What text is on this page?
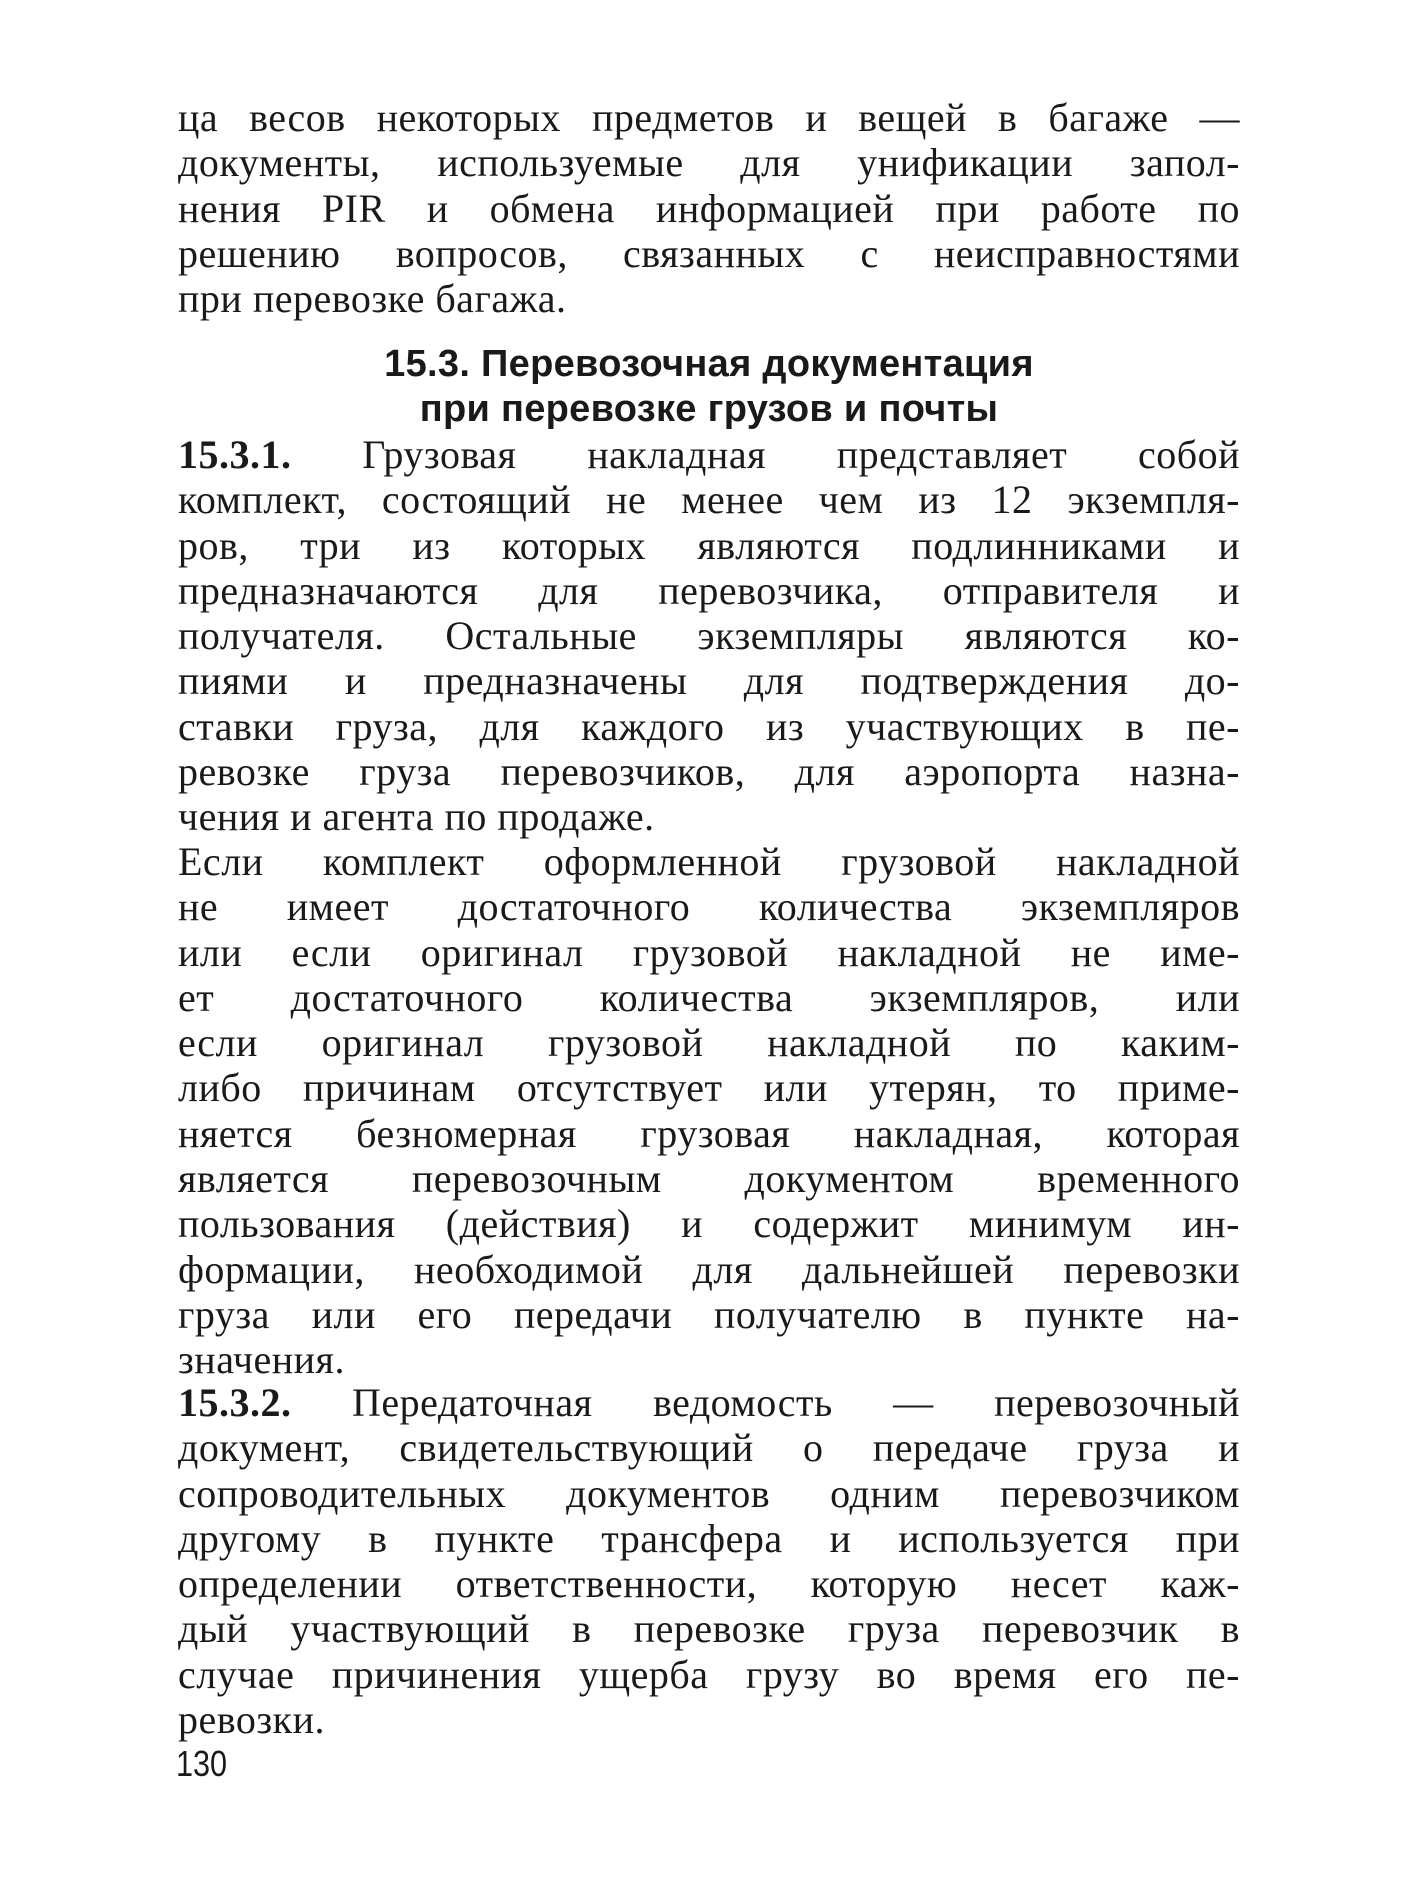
ца весов некоторых предметов и вещей в багаже —
документы, используемые для унификации запол-
нения PIR и обмена информацией при работе по
решению вопросов, связанных с неисправностями
при перевозке багажа.
15.3. Перевозочная документация
при перевозке грузов и почты
15.3.1. Грузовая накладная представляет собой
комплект, состоящий не менее чем из 12 экземпля-
ров, три из которых являются подлинниками и
предназначаются для перевозчика, отправителя и
получателя. Остальные экземпляры являются ко-
пиями и предназначены для подтверждения до-
ставки груза, для каждого из участвующих в пе-
ревозке груза перевозчиков, для аэропорта назна-
чения и агента по продаже.
Если комплект оформленной грузовой накладной
не имеет достаточного количества экземпляров
или если оригинал грузовой накладной не име-
ет достаточного количества экземпляров, или
если оригинал грузовой накладной по каким-
либо причинам отсутствует или утерян, то приме-
няется безномерная грузовая накладная, которая
является перевозочным документом временного
пользования (действия) и содержит минимум ин-
формации, необходимой для дальнейшей перевозки
груза или его передачи получателю в пункте на-
значения.
15.3.2. Передаточная ведомость — перевозочный
документ, свидетельствующий о передаче груза и
сопроводительных документов одним перевозчиком
другому в пункте трансфера и используется при
определении ответственности, которую несет каж-
дый участвующий в перевозке груза перевозчик в
случае причинения ущерба грузу во время его пе-
ревозки.
130
